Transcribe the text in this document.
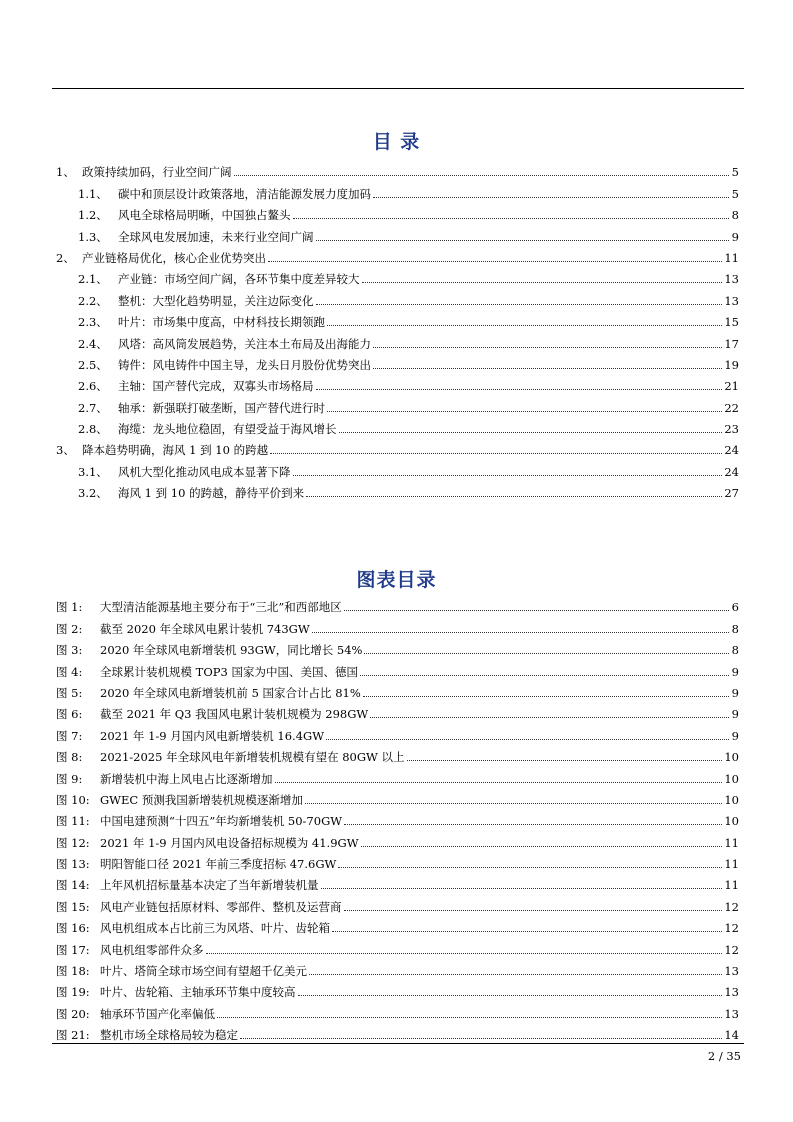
目 录
1、 政策持续加码，行业空间广阔	5
1.1、 碳中和顶层设计政策落地，清洁能源发展力度加码	5
1.2、 风电全球格局明晰，中国独占鳌头	8
1.3、 全球风电发展加速，未来行业空间广阔	9
2、 产业链格局优化，核心企业优势突出	11
2.1、 产业链：市场空间广阔，各环节集中度差异较大	13
2.2、 整机：大型化趋势明显，关注边际变化	13
2.3、 叶片：市场集中度高，中材科技长期领跑	15
2.4、 风塔：高风筒发展趋势，关注本土布局及出海能力	17
2.5、 铸件：风电铸件中国主导，龙头日月股份优势突出	19
2.6、 主轴：国产替代完成，双寡头市场格局	21
2.7、 轴承：新强联打破垄断，国产替代进行时	22
2.8、 海缆：龙头地位稳固，有望受益于海风增长	23
3、 降本趋势明确，海风 1 到 10 的跨越	24
3.1、 风机大型化推动风电成本显著下降	24
3.2、 海风 1 到 10 的跨越，静待平价到来	27
图表目录
图 1:	大型清洁能源基地主要分布于“三北”和西部地区	6
图 2:	截至 2020 年全球风电累计装机 743GW	8
图 3:	2020 年全球风电新增装机 93GW，同比增长 54%	8
图 4:	全球累计装机规模 TOP3 国家为中国、美国、德国	9
图 5:	2020 年全球风电新增装机前 5 国家合计占比 81%	9
图 6:	截至 2021 年 Q3 我国风电累计装机规模为 298GW	9
图 7:	2021 年 1-9 月国内风电新增装机 16.4GW	9
图 8:	2021-2025 年全球风电年新增装机规模有望在 80GW 以上	10
图 9:	新增装机中海上风电占比逐渐增加	10
图 10: GWEC 预测我国新增装机规模逐渐增加	10
图 11: 中国电建预测“十四五”年均新增装机 50-70GW	10
图 12: 2021 年 1-9 月国内风电设备招标规模为 41.9GW	11
图 13: 明阳智能口径 2021 年前三季度招标 47.6GW	11
图 14: 上年风机招标量基本决定了当年新增装机量	11
图 15: 风电产业链包括原材料、零部件、整机及运营商	12
图 16: 风电机组成本占比前三为风塔、叶片、齿轮箱	12
图 17: 风电机组零部件众多	12
图 18: 叶片、塔筒全球市场空间有望超千亿美元	13
图 19: 叶片、齿轮箱、主轴承环节集中度较高	13
图 20: 轴承环节国产化率偏低	13
图 21: 整机市场全球格局较为稳定	14
2 / 35
